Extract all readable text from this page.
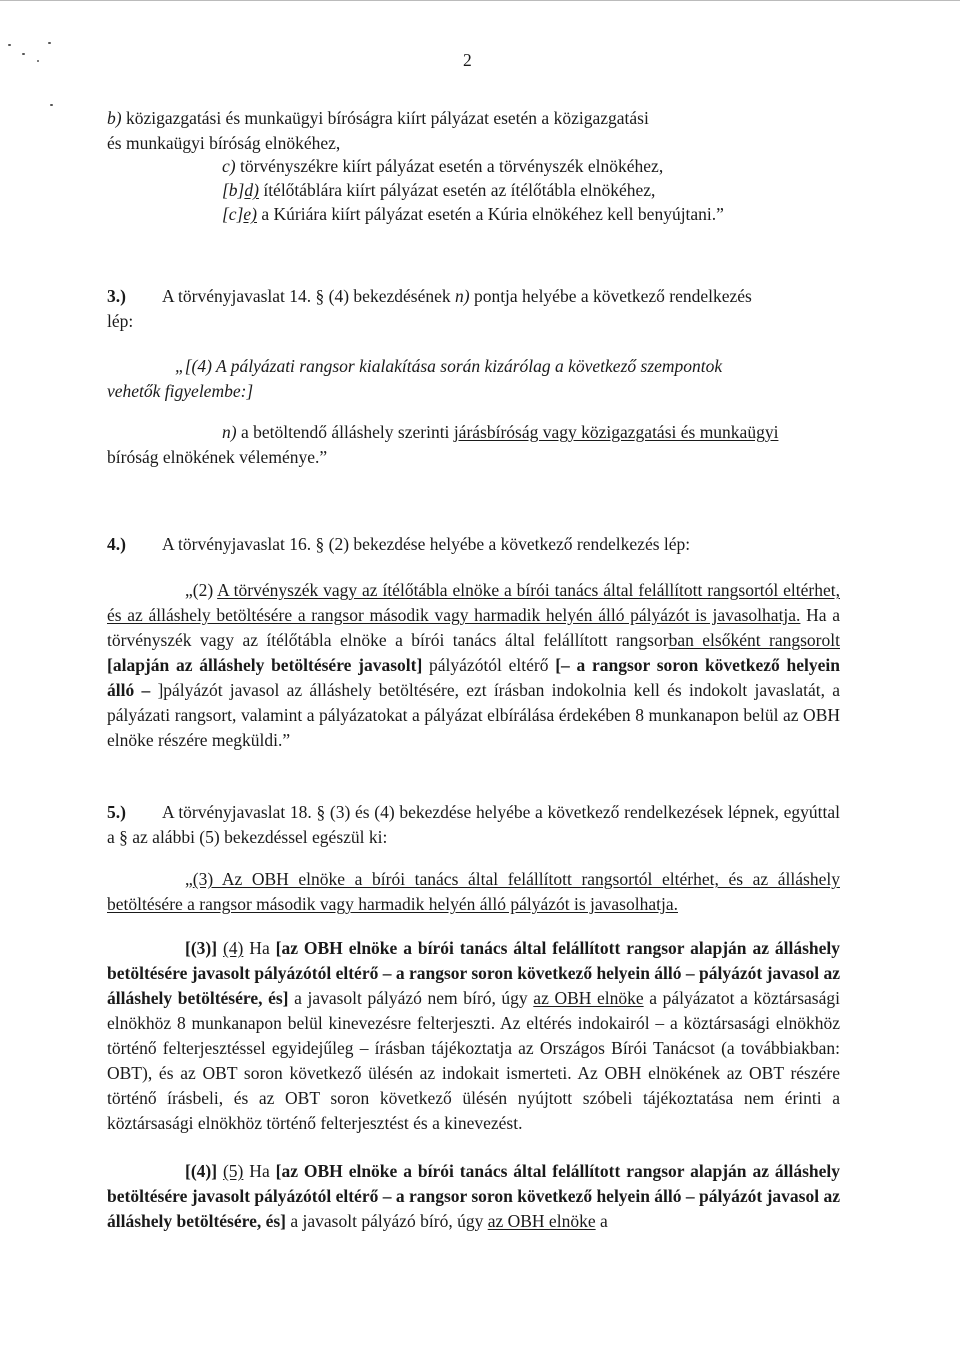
2
b) közigazgatási és munkaügyi bíróságra kiírt pályázat esetén a közigazgatási
és munkaügyi bíróság elnökéhez,
c) törvényszékre kiírt pályázat esetén a törvényszék elnökéhez,
[b]d) ítélőtáblára kiírt pályázat esetén az ítélőtábla elnökéhez,
[c]e) a Kúriára kiírt pályázat esetén a Kúria elnökéhez kell benyújtani.”
3.) A törvényjavaslat 14. § (4) bekezdésének n) pontja helyébe a következő rendelkezés
lép:
„[(4) A pályázati rangsor kialakítása során kizárólag a következő szempontok
vehetők figyelembe:]
n) a betöltendő álláshely szerinti járásbíróság vagy közigazgatási és munkaügyi
bíróság elnökének véleménye.”
4.) A törvényjavaslat 16. § (2) bekezdése helyébe a következő rendelkezés lép:
„(2) A törvényszék vagy az ítélőtábla elnöke a bírói tanács által felállított rangsortól eltérhet, és az álláshely betöltésére a rangsor második vagy harmadik helyén álló pályázót is javasolhatja. Ha a törvényszék vagy az ítélőtábla elnöke a bírói tanács által felállított rangsorban elsőként rangsorolt [alapján az álláshely betöltésére javasolt] pályázótól eltérő [– a rangsor soron következő helyein álló – ]pályázót javasol az álláshely betöltésére, ezt írásban indokolnia kell és indokolt javaslatát, a pályázati rangsort, valamint a pályázatokat a pályázat elbírálása érdekében 8 munkanapon belül az OBH elnöke részére megküldi.”
5.) A törvényjavaslat 18. § (3) és (4) bekezdése helyébe a következő rendelkezések lépnek, egyúttal a § az alábbi (5) bekezdéssel egészül ki:
„(3) Az OBH elnöke a bírói tanács által felállított rangsortól eltérhet, és az álláshely betöltésére a rangsor második vagy harmadik helyén álló pályázót is javasolhatja.
[(3)] (4) Ha [az OBH elnöke a bírói tanács által felállított rangsor alapján az álláshely betöltésére javasolt pályázótól eltérő – a rangsor soron következő helyein álló – pályázót javasol az álláshely betöltésére, és] a javasolt pályázó nem bíró, úgy az OBH elnöke a pályázatot a köztársasági elnökhöz 8 munkanapon belül kinevezésre felterjeszti. Az eltérés indokairól – a köztársasági elnökhöz történő felterjesztéssel egyidejűleg – írásban tájékoztatja az Országos Bírói Tanácsot (a továbbiakban: OBT), és az OBT soron következő ülésén az indokait ismerteti. Az OBH elnökének az OBT részére történő írásbeli, és az OBT soron következő ülésén nyújtott szóbeli tájékoztatása nem érinti a köztársasági elnökhöz történő felterjesztést és a kinevezést.
[(4)] (5) Ha [az OBH elnöke a bírói tanács által felállított rangsor alapján az álláshely betöltésére javasolt pályázótól eltérő – a rangsor soron következő helyein álló – pályázót javasol az álláshely betöltésére, és] a javasolt pályázó bíró, úgy az OBH elnöke a
